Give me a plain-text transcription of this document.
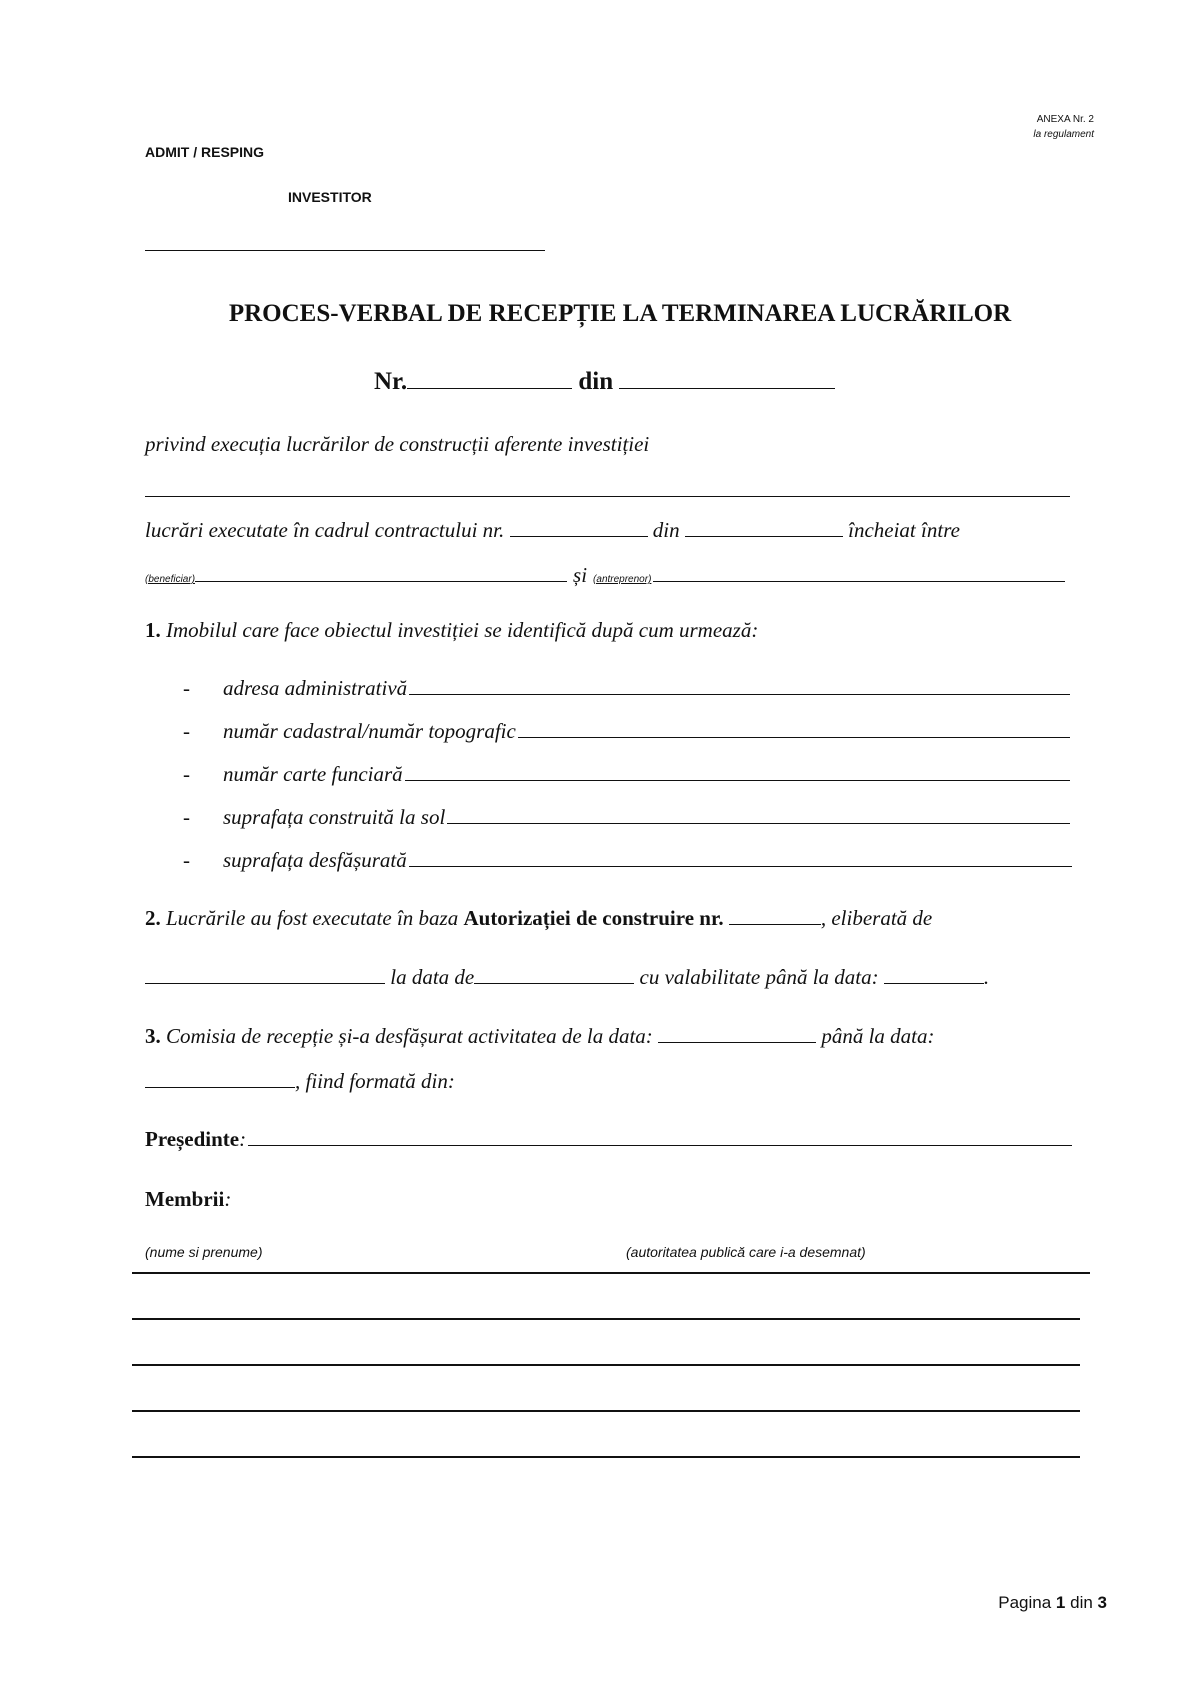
ANEXA Nr. 2
la regulament
ADMIT / RESPING
INVESTITOR
PROCES-VERBAL DE RECEPȚIE LA TERMINAREA LUCRĂRILOR
Nr.	din
privind execuția lucrărilor de construcții aferente investiției
lucrări executate în cadrul contractului nr.	din	încheiat între
(beneficiar)	și (antreprenor)
1. Imobilul care face obiectul investiției se identifică după cum urmează:
-	adresa administrativă
-	număr cadastral/număr topografic
-	număr carte funciară
-	suprafața construită la sol
-	suprafața desfășurată
2. Lucrările au fost executate în baza Autorizației de construire nr.	, eliberată de
la data de	cu valabilitate până la data:	.
3. Comisia de recepție și-a desfășurat activitatea de la data:	până la data:
, fiind formată din:
Președinte :
Membrii:
(nume si prenume)	(autoritatea publică care i-a desemnat)
Pagina 1 din 3
